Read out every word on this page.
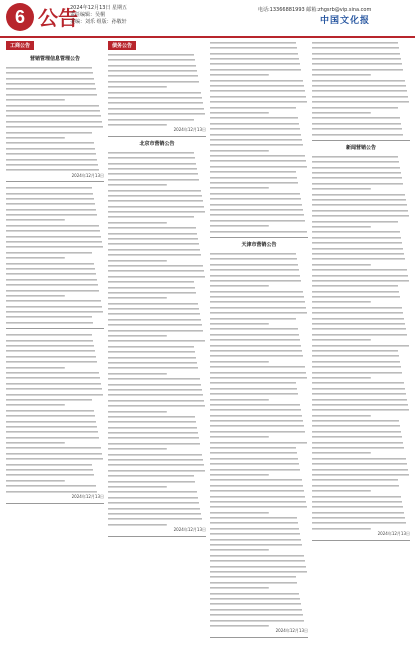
6 公告
2024年12月13日 星期五
责任编辑：吴桐
美编：刘乐 组版：孙敬轩
电话:13366881993 邮箱:zhgsrb@vip.sina.com
中国文化报
工商公告
营销管理信息管理公告
2024年12月13日
2024年12月13日
债务公告
2024年12月13日
北京市营销公告
2024年12月13日
天津市营销公告
2024年12月13日
新闻营销公告
2024年12月13日
